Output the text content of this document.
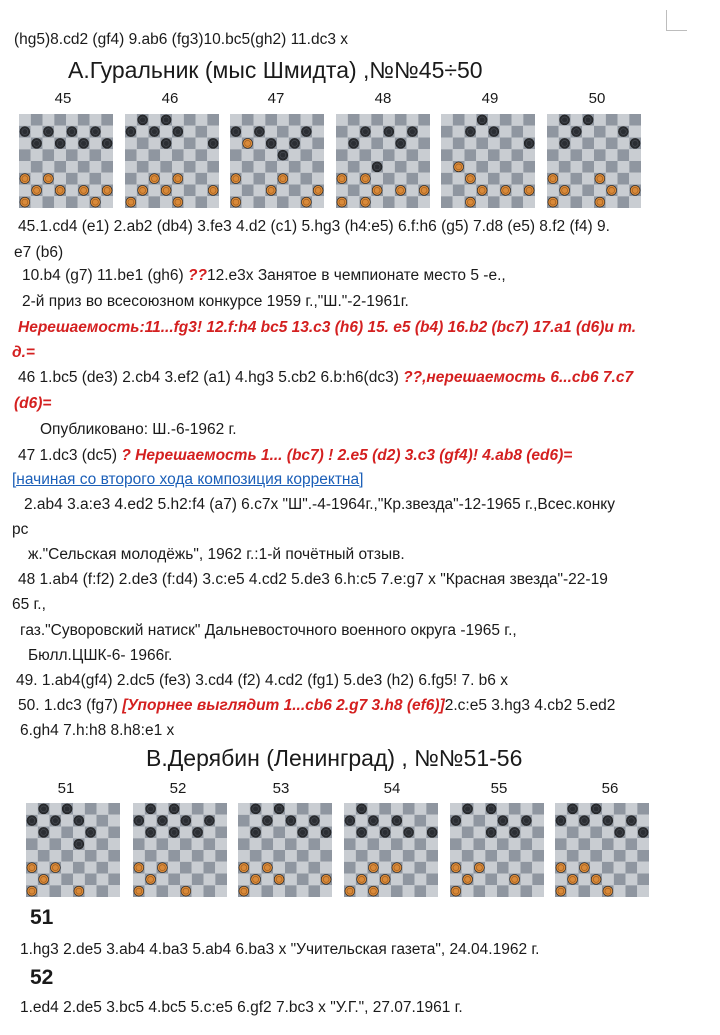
(hg5)8.cd2 (gf4) 9.ab6 (fg3)10.bc5(gh2) 11.dc3 x
А.Гуральник (мыс Шмидта) ,№№45÷50
45	46	47	48	49	50
45.1.cd4 (e1) 2.ab2 (db4) 3.fe3 4.d2 (c1) 5.hg3 (h4:e5) 6.f:h6 (g5) 7.d8 (e5) 8.f2 (f4) 9.
e7 (b6)
10.b4 (g7) 11.be1 (gh6) ??12.e3x Занятое в чемпионате место 5 -е.,
2-й приз во всесоюзном конкурсе 1959 г.,"Ш."-2-1961г.
Нерешаемость:11...fg3! 12.f:h4 bc5 13.c3 (h6) 15. e5 (b4) 16.b2 (bc7) 17.a1 (d6)и т.
д.=
46 1.bc5 (de3) 2.cb4 3.ef2 (a1) 4.hg3 5.cb2 6.b:h6(dc3) ??,нерешаемость 6...cb6 7.c7
(d6)=
Опубликовано: Ш.-6-1962 г.
47 1.dc3 (dc5) ? Нерешаемость 1... (bc7) ! 2.e5 (d2) 3.c3 (gf4)! 4.ab8 (ed6)=
[начиная со второго хода композиция корректна]
2.ab4 3.a:e3 4.ed2 5.h2:f4 (a7) 6.c7x "Ш".-4-1964г.,"Кр.звезда"-12-1965 г.,Всес.конку
рс
ж."Сельская молодёжь", 1962 г.:1-й почётный отзыв.
48 1.ab4 (f:f2) 2.de3 (f:d4) 3.c:e5 4.cd2 5.de3 6.h:c5 7.e:g7 x "Красная звезда"-22-19
65 г.,
газ."Суворовский натиск" Дальневосточного военного округа -1965 г.,
Бюлл.ЦШК-6- 1966г.
49. 1.ab4(gf4) 2.dc5 (fe3) 3.cd4 (f2) 4.cd2 (fg1) 5.de3 (h2) 6.fg5! 7. b6 x
50. 1.dc3 (fg7) [Упорнее выглядит 1...cb6 2.g7 3.h8 (ef6)]2.c:e5 3.hg3 4.cb2 5.ed2
6.gh4 7.h:h8 8.h8:e1 x
В.Дерябин (Ленинград) , №№51-56
51	52	53	54	55	56
51
1.hg3 2.de5 3.ab4 4.ba3 5.ab4 6.ba3 x "Учительская газета", 24.04.1962 г.
52
1.ed4 2.de5 3.bc5 4.bc5 5.c:e5 6.gf2 7.bc3 x "У.Г.", 27.07.1961 г.
